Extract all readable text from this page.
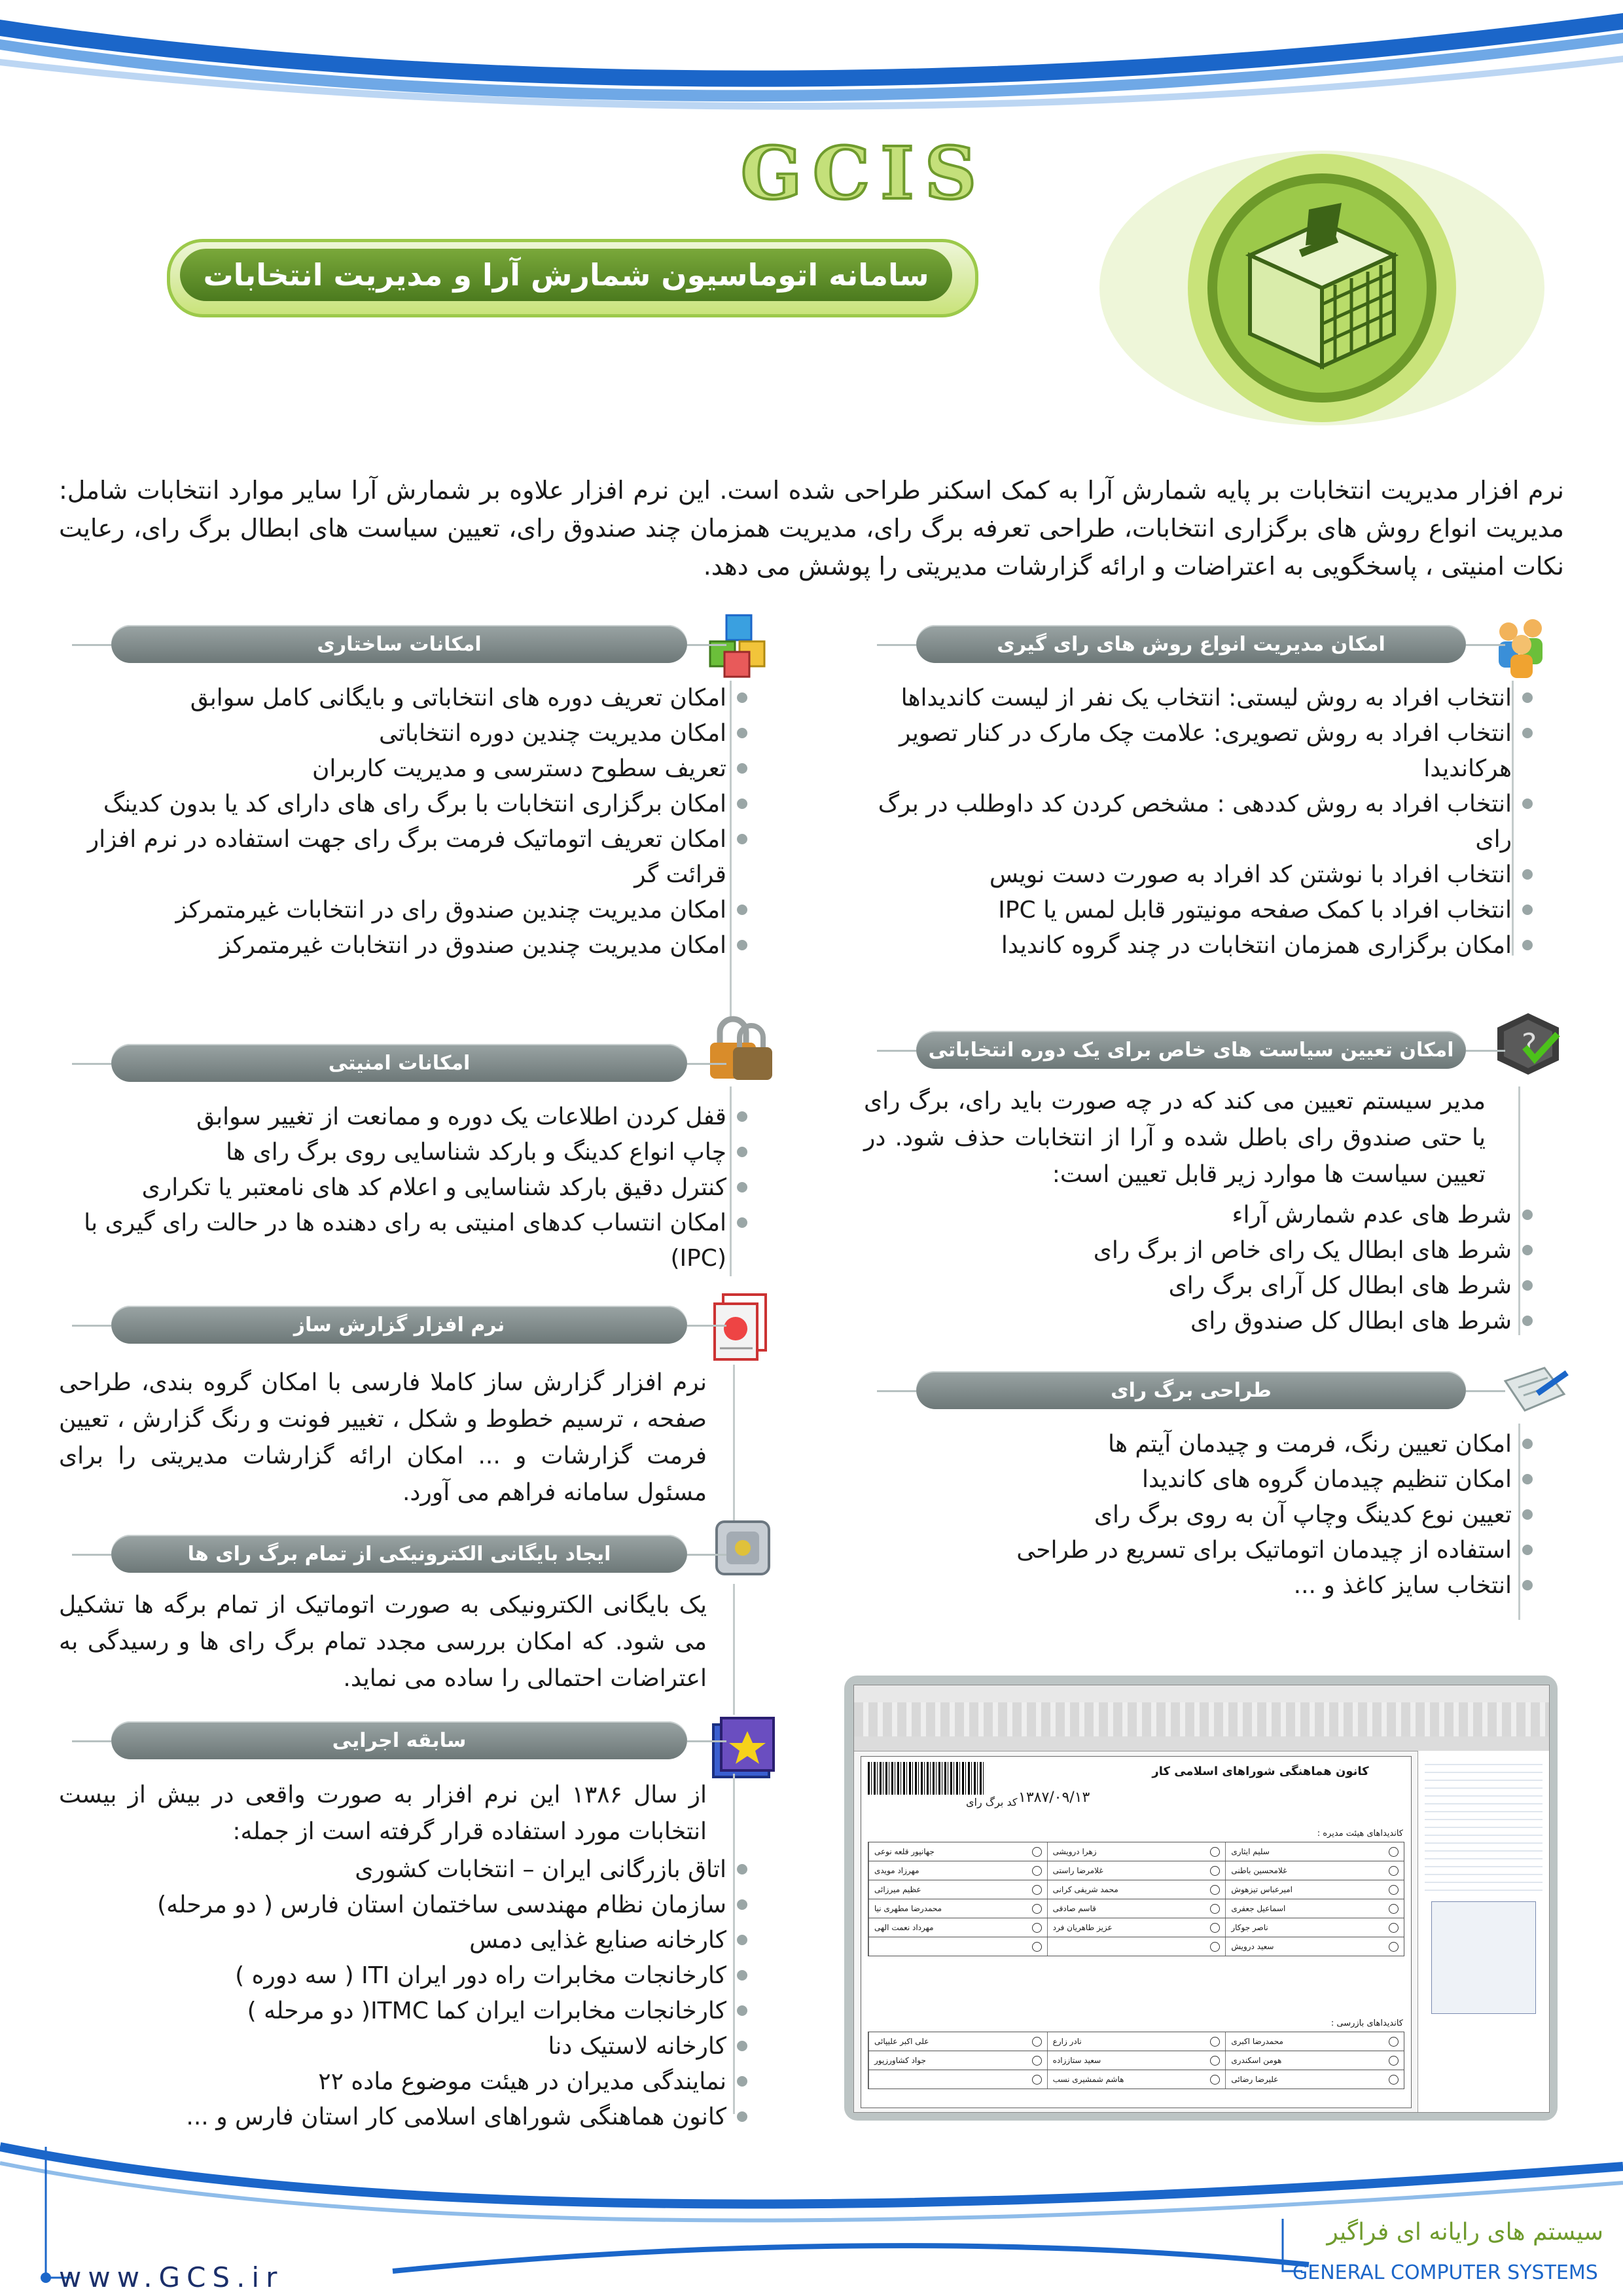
GCIS
سامانه اتوماسیون شمارش آرا و مدیریت انتخابات
نرم افزار مدیریت انتخابات بر پایه شمارش آرا به کمک اسکنر طراحی شده است. این نرم افزار علاوه بر شمارش آرا سایر موارد انتخابات شامل: مدیریت انواع روش های برگزاری انتخابات، طراحی تعرفه برگ رای، مدیریت همزمان چند صندوق رای، تعیین سیاست های ابطال برگ رای، رعایت نکات امنیتی ، پاسخگویی به اعتراضات و ارائه گزارشات مدیریتی را پوشش می دهد.
امکان مدیریت انواع روش های رای گیری
انتخاب افراد به روش لیستی: انتخاب یک نفر از لیست کاندیداها
انتخاب افراد به روش تصویری: علامت چک مارک در کنار تصویر هرکاندیدا
انتخاب افراد به روش کددهی : مشخص کردن کد داوطلب در برگ رای
انتخاب افراد با نوشتن کد افراد به صورت دست نویس
انتخاب افراد با کمک صفحه مونیتور قابل لمس یا IPC
امکان برگزاری همزمان انتخابات در چند گروه کاندیدا
?
امکان تعیین سیاست های خاص برای یک دوره انتخاباتی
مدیر سیستم تعیین می کند که در چه صورت باید رای، برگ رای یا حتی صندوق رای باطل شده و آرا از انتخابات حذف شود. در تعیین سیاست ها موارد زیر قابل تعیین است:
شرط های عدم شمارش آراء
شرط های ابطال یک رای خاص از برگ رای
شرط های ابطال کل آرای برگ رای
شرط های ابطال کل صندوق رای
طراحی برگ رای
امکان تعیین رنگ، فرمت و چیدمان آیتم ها
امکان تنظیم چیدمان گروه های کاندیدا
تعیین نوع کدینگ وچاپ آن به روی برگ رای
استفاده از چیدمان اتوماتیک برای تسریع در طراحی
انتخاب سایز کاغذ و ...
امکانات ساختاری
امکان تعریف دوره های انتخاباتی و بایگانی کامل سوابق
امکان مدیریت چندین دوره انتخاباتی
تعریف سطوح دسترسی و مدیریت کاربران
امکان برگزاری انتخابات با برگ رای های دارای کد یا بدون کدینگ
امکان تعریف اتوماتیک فرمت برگ رای جهت استفاده در نرم افزار قرائت گر
امکان مدیریت چندین صندوق رای در انتخابات غیرمتمرکز
امکان مدیریت چندین صندوق در انتخابات غیرمتمرکز
امکانات امنیتی
قفل کردن اطلاعات یک دوره و ممانعت از تغییر سوابق
چاپ انواع کدینگ و بارکد شناسایی روی برگ رای ها
کنترل دقیق بارکد شناسایی و اعلام کد های نامعتبر یا تکراری
امکان انتساب کدهای امنیتی به رای دهنده ها در حالت رای گیری با (IPC)
نرم افزار گزارش ساز
نرم افزار گزارش ساز کاملا فارسی با امکان گروه بندی، طراحی صفحه ، ترسیم خطوط و شکل ، تغییر فونت و رنگ گزارش ، تعیین فرمت گزارشات و ... امکان ارائه گزارشات مدیریتی را برای مسئول سامانه فراهم می آورد.
ایجاد بایگانی الکترونیکی از تمام برگ رای ها
یک بایگانی الکترونیکی به صورت اتوماتیک از تمام برگه ها تشکیل می شود. که امکان بررسی مجدد تمام برگ رای ها و رسیدگی به اعتراضات احتمالی را ساده می نماید.
سابقه اجرایی
از سال ۱۳۸۶ این نرم افزار به صورت واقعی در بیش از بیست انتخابات مورد استفاده قرار گرفته است از جمله:
اتاق بازرگانی ایران – انتخابات کشوری
سازمان نظام مهندسی ساختمان استان فارس ( دو مرحله)
کارخانه صنایع غذایی دمس
کارخانجات مخابرات راه دور ایران ITI ( سه دوره )
کارخانجات مخابرات ایران کما ITMC( دو مرحله )
کارخانه لاستیک دنا
نمایندگی مدیران در هیئت موضوع ماده ۲۲
کانون هماهنگی شوراهای اسلامی کار استان فارس و ...
کانون هماهنگی شوراهای اسلامی کار
۱۳۸۷/۰۹/۱۳
کد برگ رای
کاندیداهای هیئت مدیره :
سلیم ایثاری
زهرا درویشی
جهانپور قلعه نوعی
غلامحسین باطنی
غلامرضا راستی
مهرزاد مویدی
امیرعباس تیزهوش
محمد شریفی کرانی
عظیم میرزائی
اسماعیل جعفری
قاسم صادقی
محمدرضا مطهری نیا
ناصر جوکار
عزیز طاهریان فرد
مهرداد نعمت الهی
سعید درویش
کاندیداهای بازرسی :
محمدرضا اکبری
نادر زارع
علی اکبر علیپائی
هومن اسکندری
سعید ستاززاده
جواد کشاورزپور
علیرضا رضائی
هاشم شمشیری نسب
www.GCS.ir
سیستم های رایانه ای فراگیر
GENERAL COMPUTER SYSTEMS
